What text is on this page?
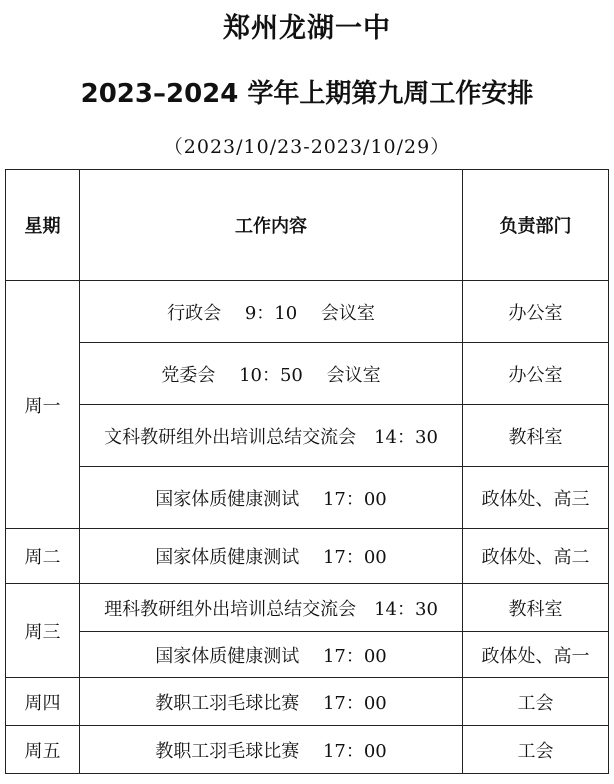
郑州龙湖一中
2023–2024 学年上期第九周工作安排
（2023/10/23-2023/10/29）
星期	工作内容	负责部门
周一	行政会　 9：10　 会议室	办公室
	党委会　 10：50　 会议室	办公室
	文科教研组外出培训总结交流会　14：30	教科室
	国家体质健康测试　 17：00	政体处、高三
周二	国家体质健康测试　 17：00	政体处、高二
周三	理科教研组外出培训总结交流会　14：30	教科室
	国家体质健康测试　 17：00	政体处、高一
周四	教职工羽毛球比赛　 17：00	工会
周五	教职工羽毛球比赛　 17：00	工会
